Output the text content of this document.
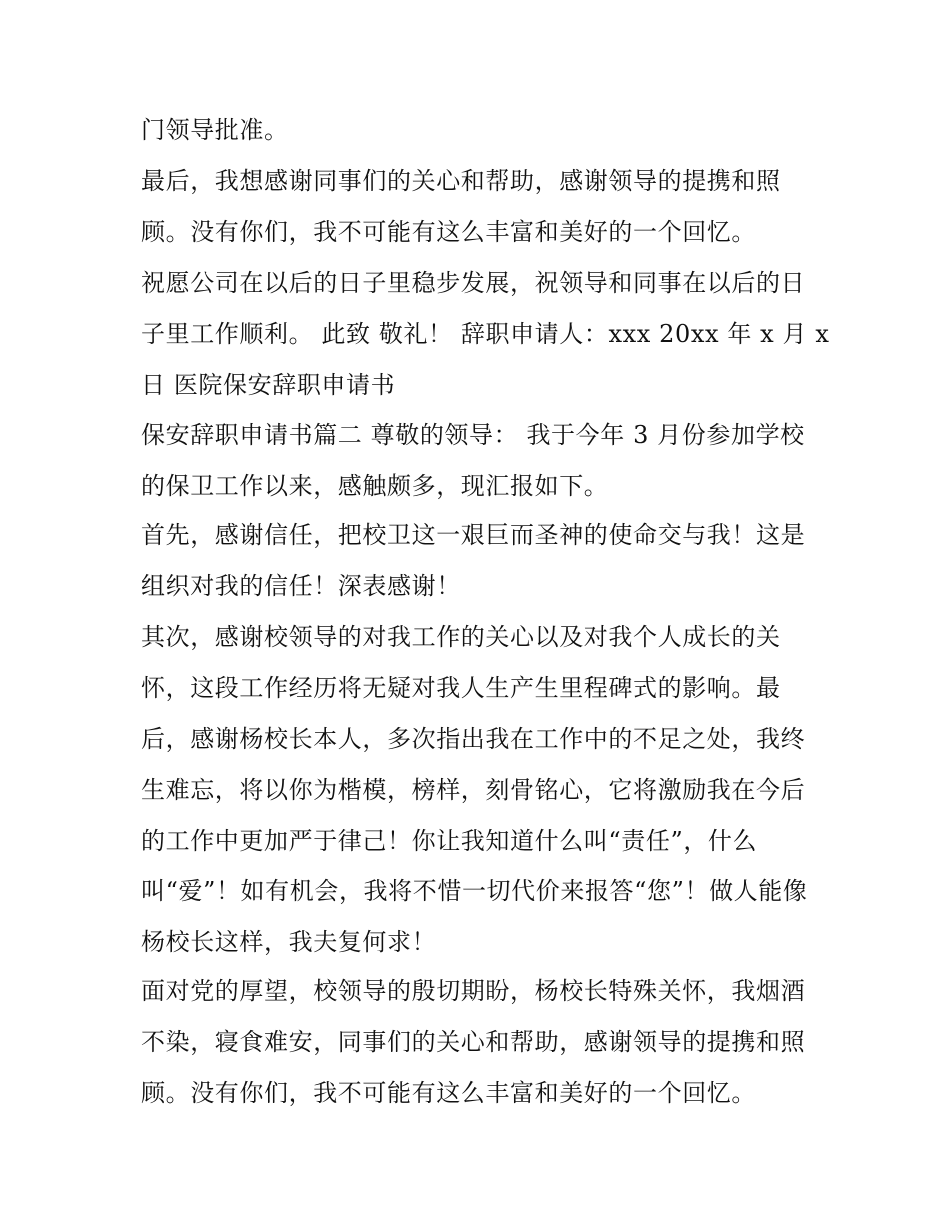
门领导批准。
最后，我想感谢同事们的关心和帮助，感谢领导的提携和照
顾。没有你们，我不可能有这么丰富和美好的一个回忆。
祝愿公司在以后的日子里稳步发展，祝领导和同事在以后的日
子里工作顺利。 此致 敬礼！ 辞职申请人：xxx 20xx 年 x 月 x
日 医院保安辞职申请书
保安辞职申请书篇二 尊敬的领导： 我于今年 3 月份参加学校
的保卫工作以来，感触颇多，现汇报如下。
首先，感谢信任，把校卫这一艰巨而圣神的使命交与我！这是
组织对我的信任！深表感谢！
其次，感谢校领导的对我工作的关心以及对我个人成长的关
怀，这段工作经历将无疑对我人生产生里程碑式的影响。最
后，感谢杨校长本人，多次指出我在工作中的不足之处，我终
生难忘，将以你为楷模，榜样，刻骨铭心，它将激励我在今后
的工作中更加严于律己！你让我知道什么叫“责任”，什么
叫“爱”！如有机会，我将不惜一切代价来报答“您”！做人能像
杨校长这样，我夫复何求！
面对党的厚望，校领导的殷切期盼，杨校长特殊关怀，我烟酒
不染，寝食难安，同事们的关心和帮助，感谢领导的提携和照
顾。没有你们，我不可能有这么丰富和美好的一个回忆。
